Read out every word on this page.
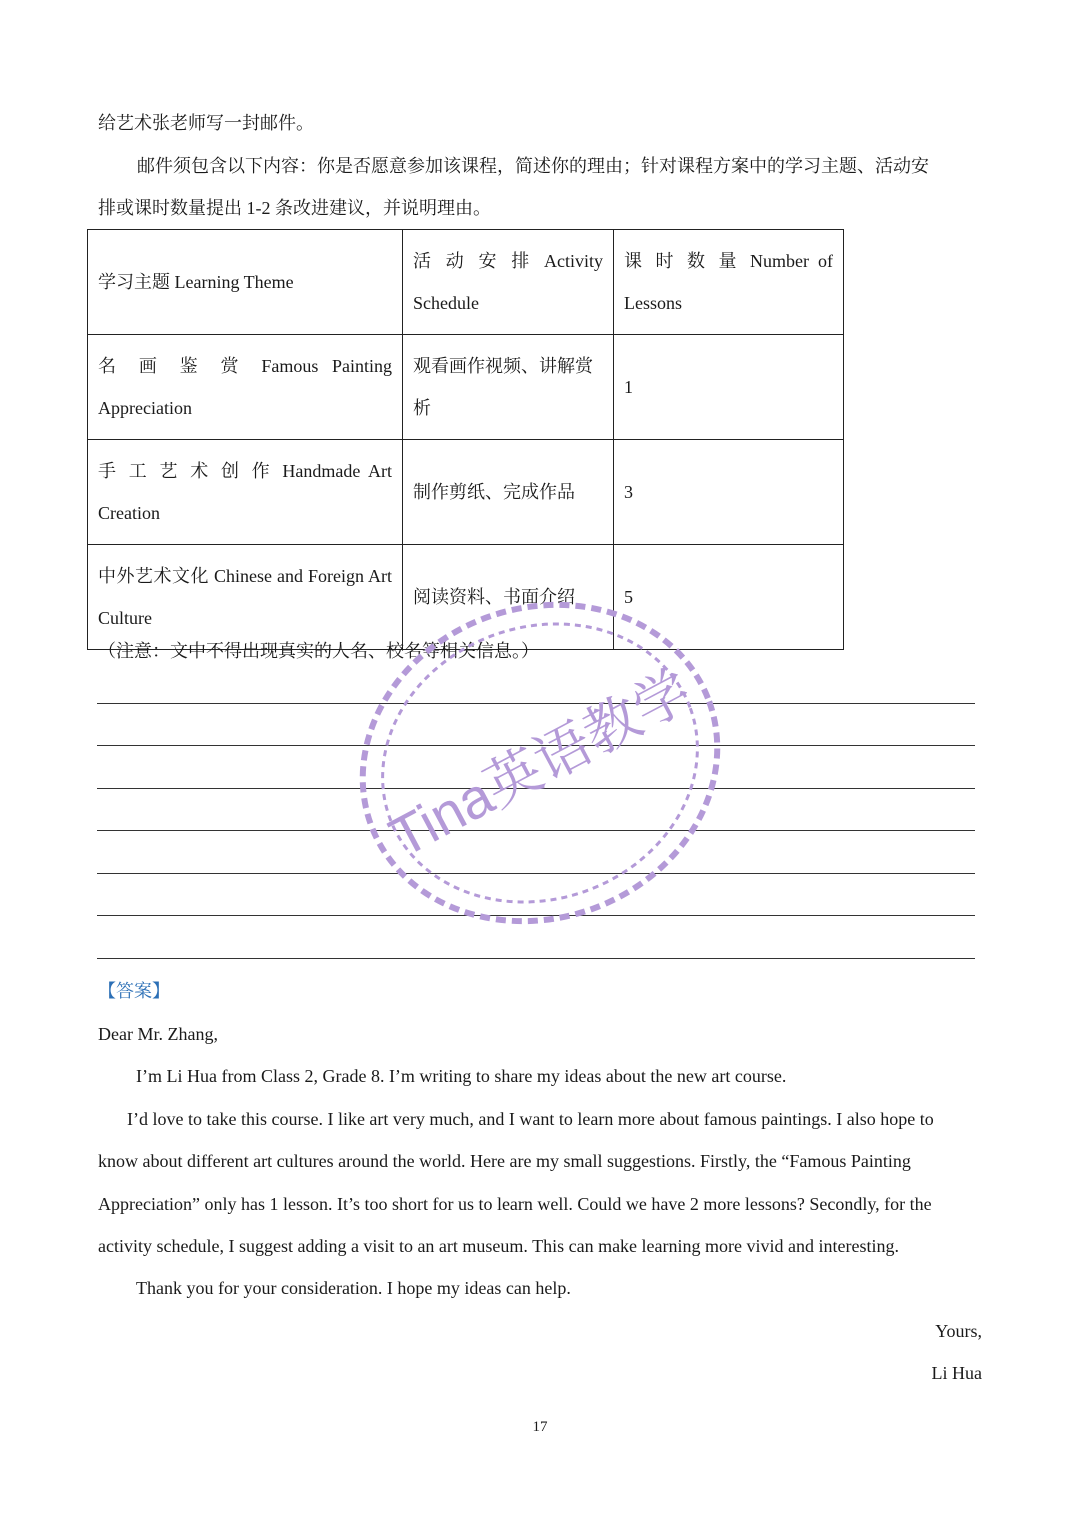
给艺术张老师写一封邮件。
邮件须包含以下内容：你是否愿意参加该课程，简述你的理由；针对课程方案中的学习主题、活动安
排或课时数量提出 1-2 条改进建议，并说明理由。
学习主题 Learning Theme	活 动 安 排 Activity Schedule	课 时 数 量 Number of Lessons
名 画 鉴 赏 Famous Painting Appreciation	观看画作视频、讲解赏析	1
手 工 艺 术 创 作 Handmade Art Creation	制作剪纸、完成作品	3
中外艺术文化 Chinese and Foreign Art Culture	阅读资料、书面介绍	5
（注意：文中不得出现真实的人名、校名等相关信息。）
Tina英语教学
【答案】
Dear Mr. Zhang,
I’m Li Hua from Class 2, Grade 8. I’m writing to share my ideas about the new art course.
I’d love to take this course. I like art very much, and I want to learn more about famous paintings. I also hope to
know about different art cultures around the world. Here are my small suggestions. Firstly, the “Famous Painting
Appreciation” only has 1 lesson. It’s too short for us to learn well. Could we have 2 more lessons? Secondly, for the
activity schedule, I suggest adding a visit to an art museum. This can make learning more vivid and interesting.
Thank you for your consideration. I hope my ideas can help.
Yours,
Li Hua
17
